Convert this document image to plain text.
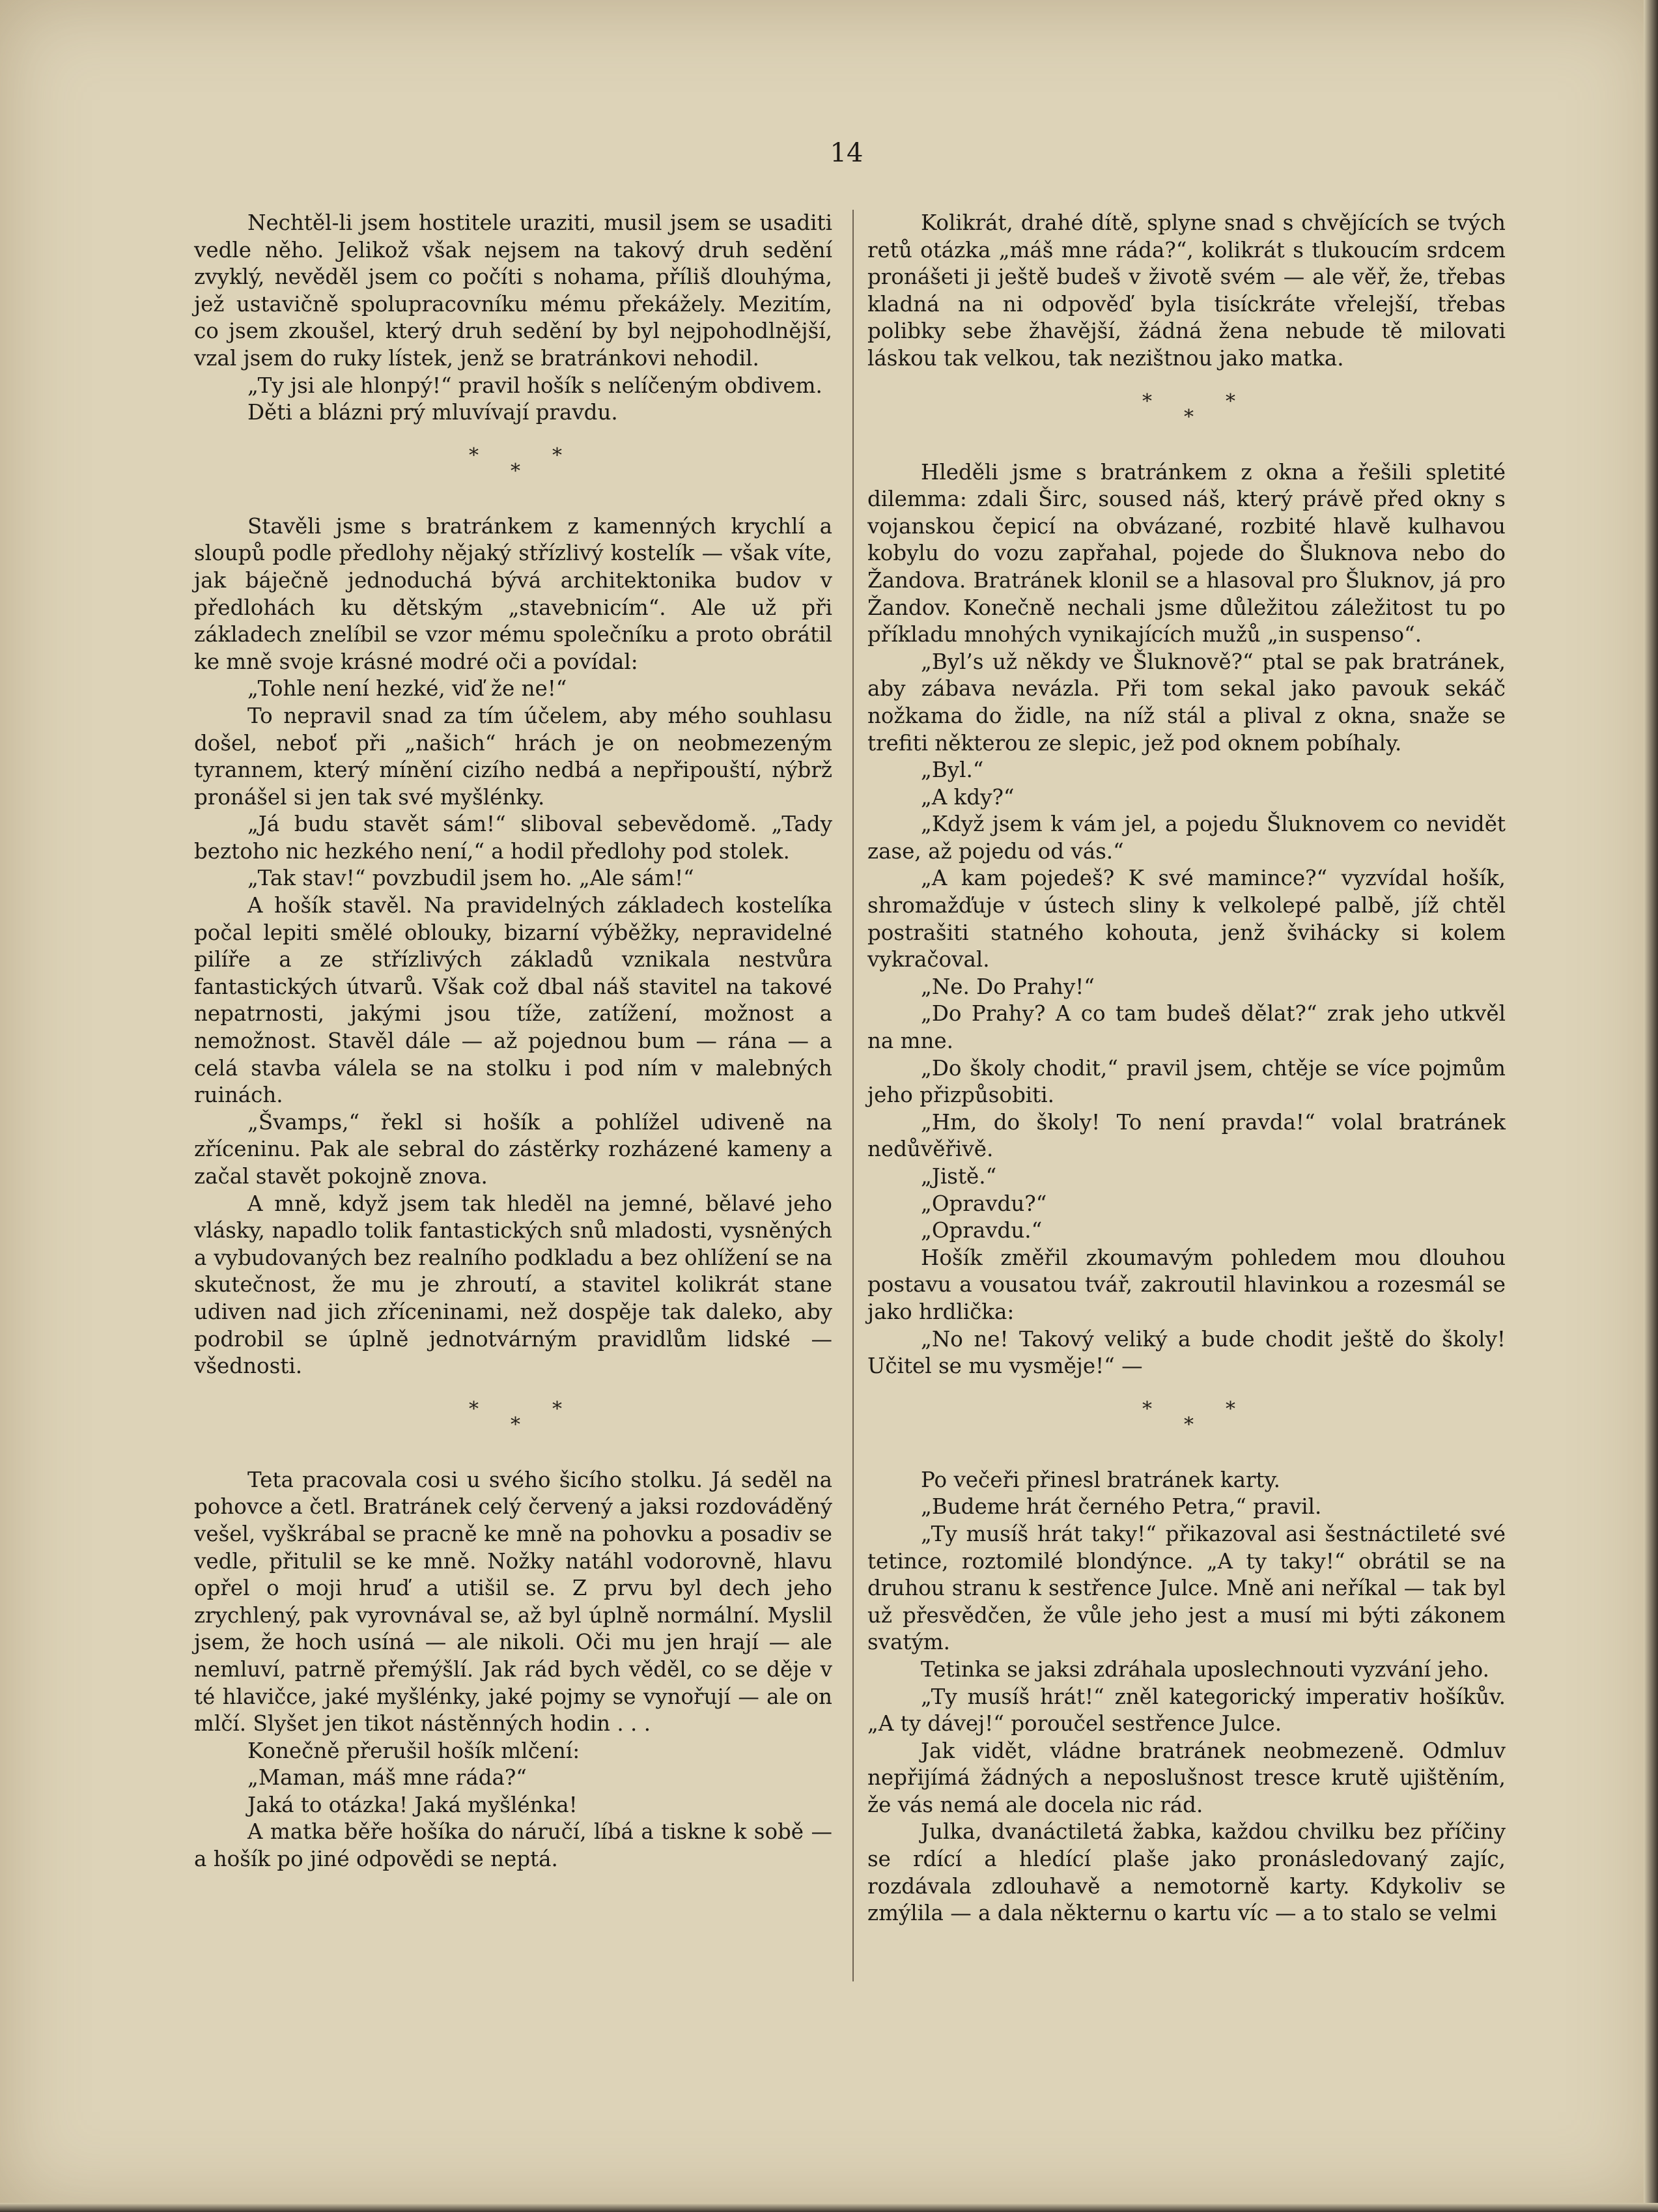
14

Nechtěl-li jsem hostitele uraziti, musil jsem se usaditi vedle něho. Jelikož však nejsem na takový druh sedění zvyklý, nevěděl jsem co počíti s nohama, příliš dlouhýma, jež ustavičně spolupracovníku mému překážely. Mezitím, co jsem zkoušel, který druh sedění by byl nejpohodlnější, vzal jsem do ruky lístek, jenž se bratránkovi nehodil.

„Ty jsi ale hlonpý!“ pravil hošík s nelíčeným obdivem.

Děti a blázni prý mluvívají pravdu.

*
*
*

Stavěli jsme s bratránkem z kamenných krychlí a sloupů podle předlohy nějaký střízlivý kostelík — však víte, jak báječně jednoduchá bývá architektonika budov v předlohách ku dětským „stavebnicím“. Ale už při základech znelíbil se vzor mému společníku a proto obrátil ke mně svoje krásné modré oči a povídal:

„Tohle není hezké, viď že ne!“

To nepravil snad za tím účelem, aby mého souhlasu došel, neboť při „našich“ hrách je on neobmezeným tyrannem, který mínění cizího nedbá a nepřipouští, nýbrž pronášel si jen tak své myšlénky.

„Já budu stavět sám!“ sliboval sebevědomě. „Tady beztoho nic hezkého není,“ a hodil předlohy pod stolek.

„Tak stav!“ povzbudil jsem ho. „Ale sám!“

A hošík stavěl. Na pravidelných základech kostelíka počal lepiti smělé oblouky, bizarní výběžky, nepravidelné pilíře a ze střízlivých základů vznikala nestvůra fantastických útvarů. Však což dbal náš stavitel na takové nepatrnosti, jakými jsou tíže, zatížení, možnost a nemožnost. Stavěl dále — až pojednou bum — rána — a celá stavba válela se na stolku i pod ním v malebných ruinách.

„Švamps,“ řekl si hošík a pohlížel udiveně na zříceninu. Pak ale sebral do zástěrky rozházené kameny a začal stavět pokojně znova.

A mně, když jsem tak hleděl na jemné, bělavé jeho vlásky, napadlo tolik fantastických snů mladosti, vysněných a vybudovaných bez realního podkladu a bez ohlížení se na skutečnost, že mu je zhroutí, a stavitel kolikrát stane udiven nad jich zříceninami, než dospěje tak daleko, aby podrobil se úplně jednotvárným pravidlům lidské — všednosti.

*
*
*

Teta pracovala cosi u svého šicího stolku. Já seděl na pohovce a četl. Bratránek celý červený a jaksi rozdováděný vešel, vyškrábal se pracně ke mně na pohovku a posadiv se vedle, přitulil se ke mně. Nožky natáhl vodorovně, hlavu opřel o moji hruď a utišil se. Z prvu byl dech jeho zrychlený, pak vyrovnával se, až byl úplně normální. Myslil jsem, že hoch usíná — ale nikoli. Oči mu jen hrají — ale nemluví, patrně přemýšlí. Jak rád bych věděl, co se děje v té hlavičce, jaké myšlénky, jaké pojmy se vynořují — ale on mlčí. Slyšet jen tikot nástěnných hodin . . .

Konečně přerušil hošík mlčení:

„Maman, máš mne ráda?“

Jaká to otázka! Jaká myšlénka!

A matka běře hošíka do náručí, líbá a tiskne k sobě — a hošík po jiné odpovědi se neptá.

Kolikrát, drahé dítě, splyne snad s chvějících se tvých retů otázka „máš mne ráda?“, kolikrát s tlukoucím srdcem pronášeti ji ještě budeš v životě svém — ale věř, že, třebas kladná na ni odpověď byla tisíckráte vřelejší, třebas polibky sebe žhavější, žádná žena nebude tě milovati láskou tak velkou, tak nezištnou jako matka.

*
*
*

Hleděli jsme s bratránkem z okna a řešili spletité dilemma: zdali Širc, soused náš, který právě před okny s vojanskou čepicí na obvázané, rozbité hlavě kulhavou kobylu do vozu zapřahal, pojede do Šluknova nebo do Žandova. Bratránek klonil se a hlasoval pro Šluknov, já pro Žandov. Konečně nechali jsme důležitou záležitost tu po příkladu mnohých vynikajících mužů „in suspenso“.

„Byl’s už někdy ve Šluknově?“ ptal se pak bratránek, aby zábava nevázla. Při tom sekal jako pavouk sekáč nožkama do židle, na níž stál a plival z okna, snaže se trefiti některou ze slepic, jež pod oknem pobíhaly.

„Byl.“

„A kdy?“

„Když jsem k vám jel, a pojedu Šluknovem co nevidět zase, až pojedu od vás.“

„A kam pojedeš? K své mamince?“ vyzvídal hošík, shromažďuje v ústech sliny k velkolepé palbě, jíž chtěl postrašiti statného kohouta, jenž švihácky si kolem vykračoval.

„Ne. Do Prahy!“

„Do Prahy? A co tam budeš dělat?“ zrak jeho utkvěl na mne.

„Do školy chodit,“ pravil jsem, chtěje se více pojmům jeho přizpůsobiti.

„Hm, do školy! To není pravda!“ volal bratránek nedůvěřivě.

„Jistě.“

„Opravdu?“

„Opravdu.“

Hošík změřil zkoumavým pohledem mou dlouhou postavu a vousatou tvář, zakroutil hlavinkou a rozesmál se jako hrdlička:

„No ne! Takový veliký a bude chodit ještě do školy! Učitel se mu vysměje!“ —

*
*
*

Po večeři přinesl bratránek karty.

„Budeme hrát černého Petra,“ pravil.

„Ty musíš hrát taky!“ přikazoval asi šestnáctileté své tetince, roztomilé blondýnce. „A ty taky!“ obrátil se na druhou stranu k sestřence Julce. Mně ani neříkal — tak byl už přesvědčen, že vůle jeho jest a musí mi býti zákonem svatým.

Tetinka se jaksi zdráhala uposlechnouti vyzvání jeho.

„Ty musíš hrát!“ zněl kategorický imperativ hošíkův. „A ty dávej!“ poroučel sestřence Julce.

Jak vidět, vládne bratránek neobmezeně. Odmluv nepřijímá žádných a neposlušnost tresce krutě ujištěním, že vás nemá ale docela nic rád.

Julka, dvanáctiletá žabka, každou chvilku bez příčiny se rdící a hledící plaše jako pronásledovaný zajíc, rozdávala zdlouhavě a nemotorně karty. Kdykoliv se zmýlila — a dala někternu o kartu víc — a to stalo se velmi
